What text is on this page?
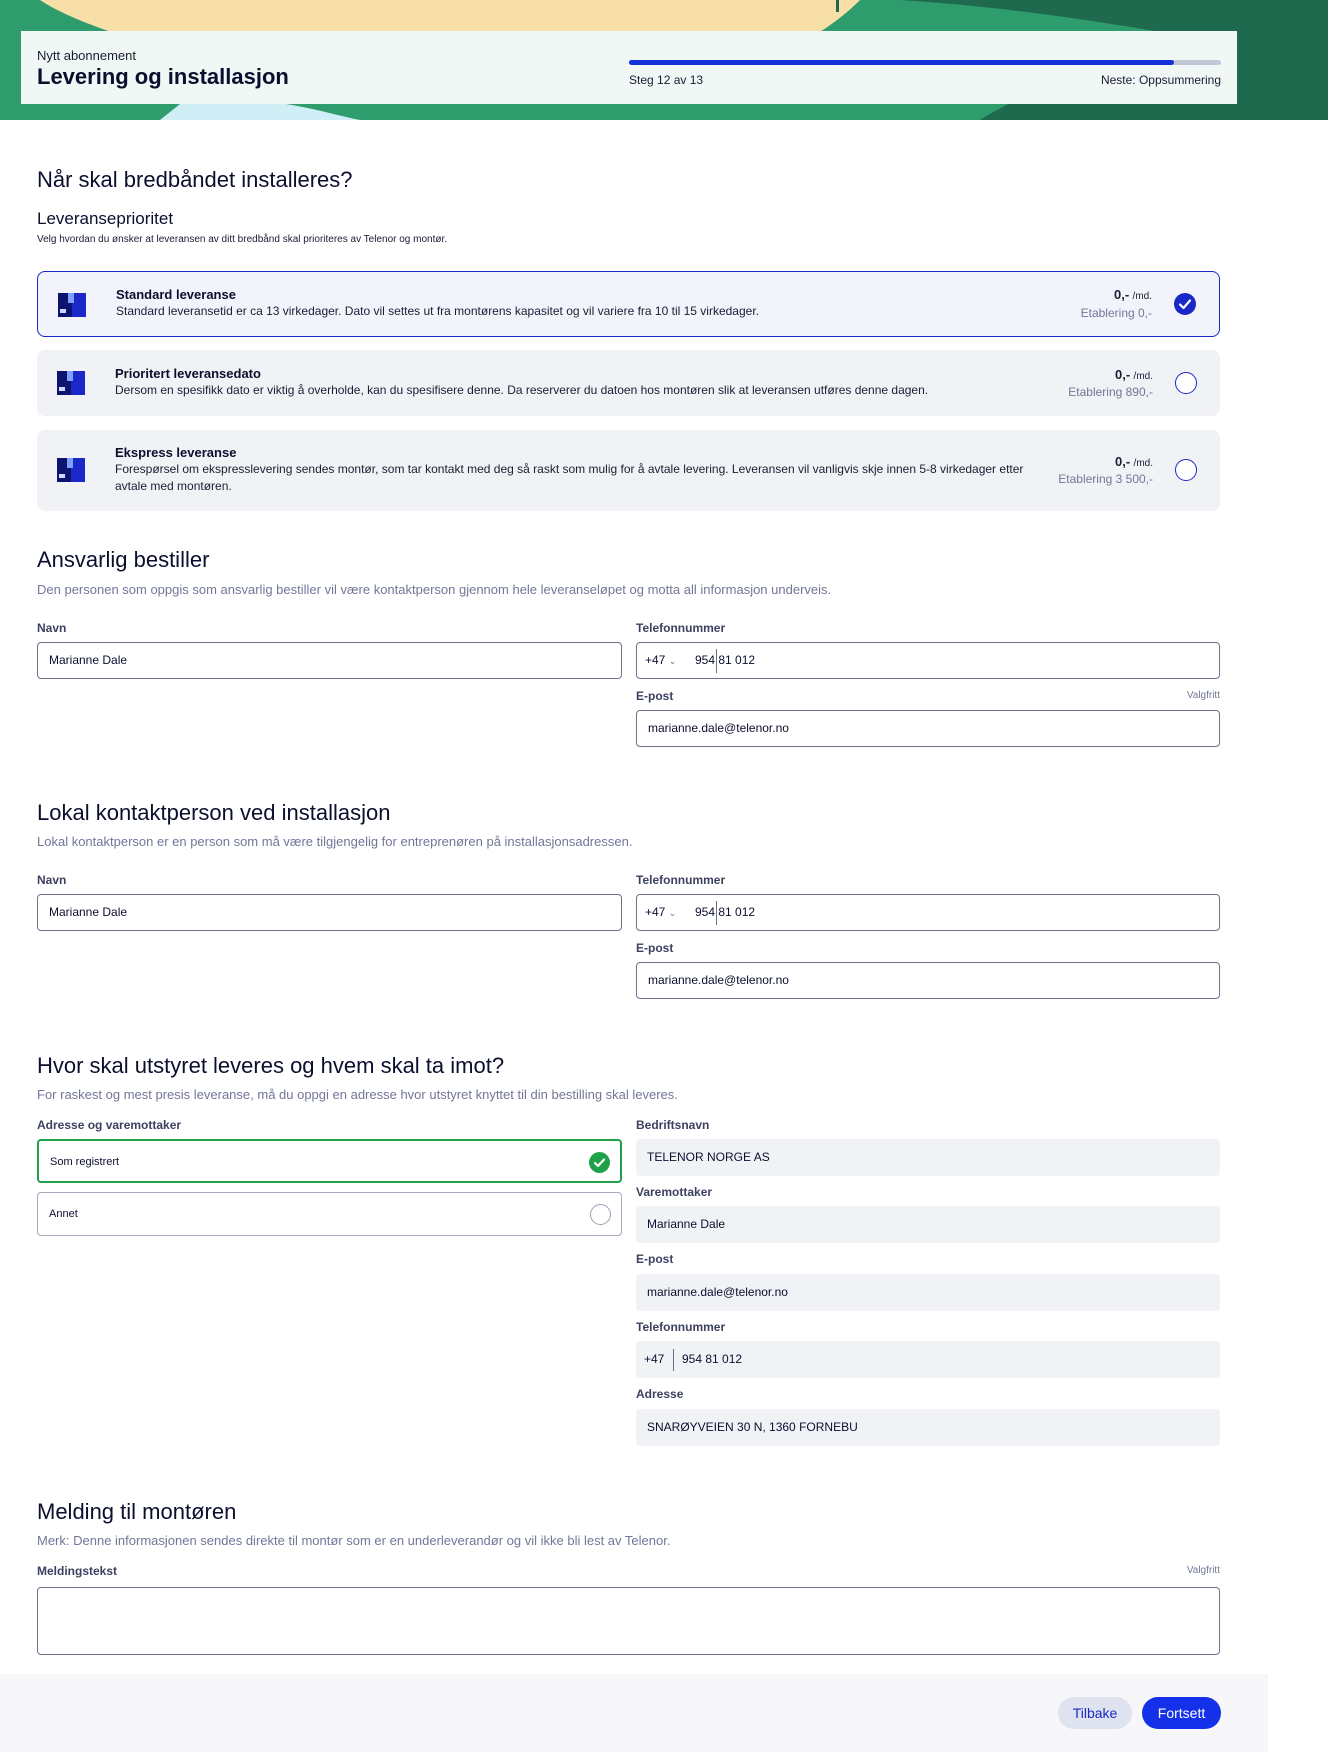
Nytt abonnement
Levering og installasjon	Steg 12 av 13	Neste: Oppsummering
Når skal bredbåndet installeres?
Leveranseprioritet
Velg hvordan du ønsker at leveransen av ditt bredbånd skal prioriteres av Telenor og montør.
Standard leveranse
Standard leveransetid er ca 13 virkedager. Dato vil settes ut fra montørens kapasitet og vil variere fra 10 til 15 virkedager.
0,- /md.
Etablering 0,-
Prioritert leveransedato
Dersom en spesifikk dato er viktig å overholde, kan du spesifisere denne. Da reserverer du datoen hos montøren slik at leveransen utføres denne dagen.
0,- /md.
Etablering 890,-
Ekspress leveranse
Forespørsel om ekspresslevering sendes montør, som tar kontakt med deg så raskt som mulig for å avtale levering. Leveransen vil vanligvis skje innen 5-8 virkedager etter avtale med montøren.
0,- /md.
Etablering 3 500,-
Ansvarlig bestiller
Den personen som oppgis som ansvarlig bestiller vil være kontaktperson gjennom hele leveranseløpet og motta all informasjon underveis.
Navn
Marianne Dale
Telefonnummer
+47 ⌄ 954 81 012
E-post	Valgfritt
marianne.dale@telenor.no
Lokal kontaktperson ved installasjon
Lokal kontaktperson er en person som må være tilgjengelig for entreprenøren på installasjonsadressen.
Navn
Marianne Dale
Telefonnummer
+47 ⌄ 954 81 012
E-post
marianne.dale@telenor.no
Hvor skal utstyret leveres og hvem skal ta imot?
For raskest og mest presis leveranse, må du oppgi en adresse hvor utstyret knyttet til din bestilling skal leveres.
Adresse og varemottaker
Som registrert
Annet
Bedriftsnavn
TELENOR NORGE AS
Varemottaker
Marianne Dale
E-post
marianne.dale@telenor.no
Telefonnummer
+47 954 81 012
Adresse
SNARØYVEIEN 30 N, 1360 FORNEBU
Melding til montøren
Merk: Denne informasjonen sendes direkte til montør som er en underleverandør og vil ikke bli lest av Telenor.
Meldingstekst	Valgfritt
Tilbake	Fortsett
